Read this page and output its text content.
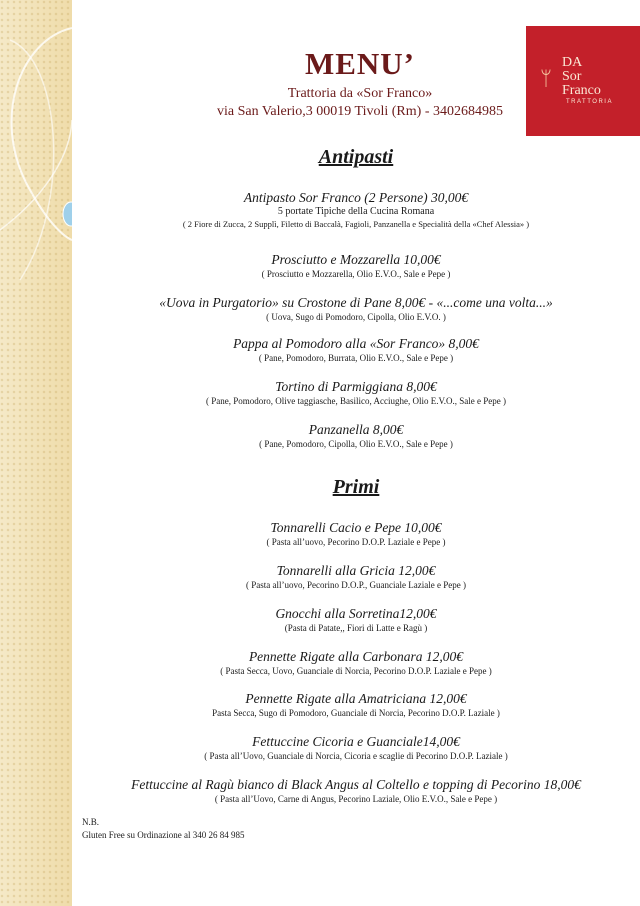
MENU’
Trattoria da «Sor Franco»
via San Valerio,3 00019 Tivoli (Rm) - 3402684985
ᛘ
DA
Sor
Franco
TRATTORIA
Antipasti
Antipasto Sor Franco (2 Persone) 30,00€
5 portate Tipiche della Cucina Romana
( 2 Fiore di Zucca, 2 Supplì, Filetto di Baccalà, Fagioli, Panzanella e Specialità della «Chef Alessia» )
Prosciutto e Mozzarella 10,00€
( Prosciutto e Mozzarella, Olio E.V.O., Sale e Pepe )
«Uova in Purgatorio» su Crostone di Pane 8,00€ - «...come una volta...»
( Uova, Sugo di Pomodoro, Cipolla, Olio E.V.O. )
Pappa al Pomodoro alla «Sor Franco» 8,00€
( Pane, Pomodoro, Burrata, Olio E.V.O., Sale e Pepe )
Tortino di Parmiggiana 8,00€
( Pane, Pomodoro, Olive taggiasche, Basilico, Acciughe, Olio E.V.O., Sale e Pepe )
Panzanella 8,00€
( Pane, Pomodoro, Cipolla, Olio E.V.O., Sale e Pepe )
Primi
Tonnarelli Cacio e Pepe 10,00€
( Pasta all’uovo, Pecorino D.O.P. Laziale e Pepe )
Tonnarelli alla Gricia 12,00€
( Pasta all’uovo, Pecorino D.O.P., Guanciale Laziale e Pepe )
Gnocchi alla Sorretina12,00€
(Pasta di Patate,, Fiori di Latte e Ragù )
Pennette Rigate alla Carbonara 12,00€
( Pasta Secca, Uovo, Guanciale di Norcia, Pecorino D.O.P. Laziale e Pepe )
Pennette Rigate alla Amatriciana 12,00€
Pasta Secca, Sugo di Pomodoro, Guanciale di Norcia, Pecorino D.O.P. Laziale )
Fettuccine Cicoria e Guanciale14,00€
( Pasta all’Uovo, Guanciale di Norcia, Cicoria e scaglie di Pecorino D.O.P. Laziale )
Fettuccine al Ragù bianco di Black Angus al Coltello e topping di Pecorino 18,00€
( Pasta all’Uovo, Carne di Angus, Pecorino Laziale, Olio E.V.O., Sale e Pepe )
N.B.
Gluten Free su Ordinazione al 340 26 84 985
